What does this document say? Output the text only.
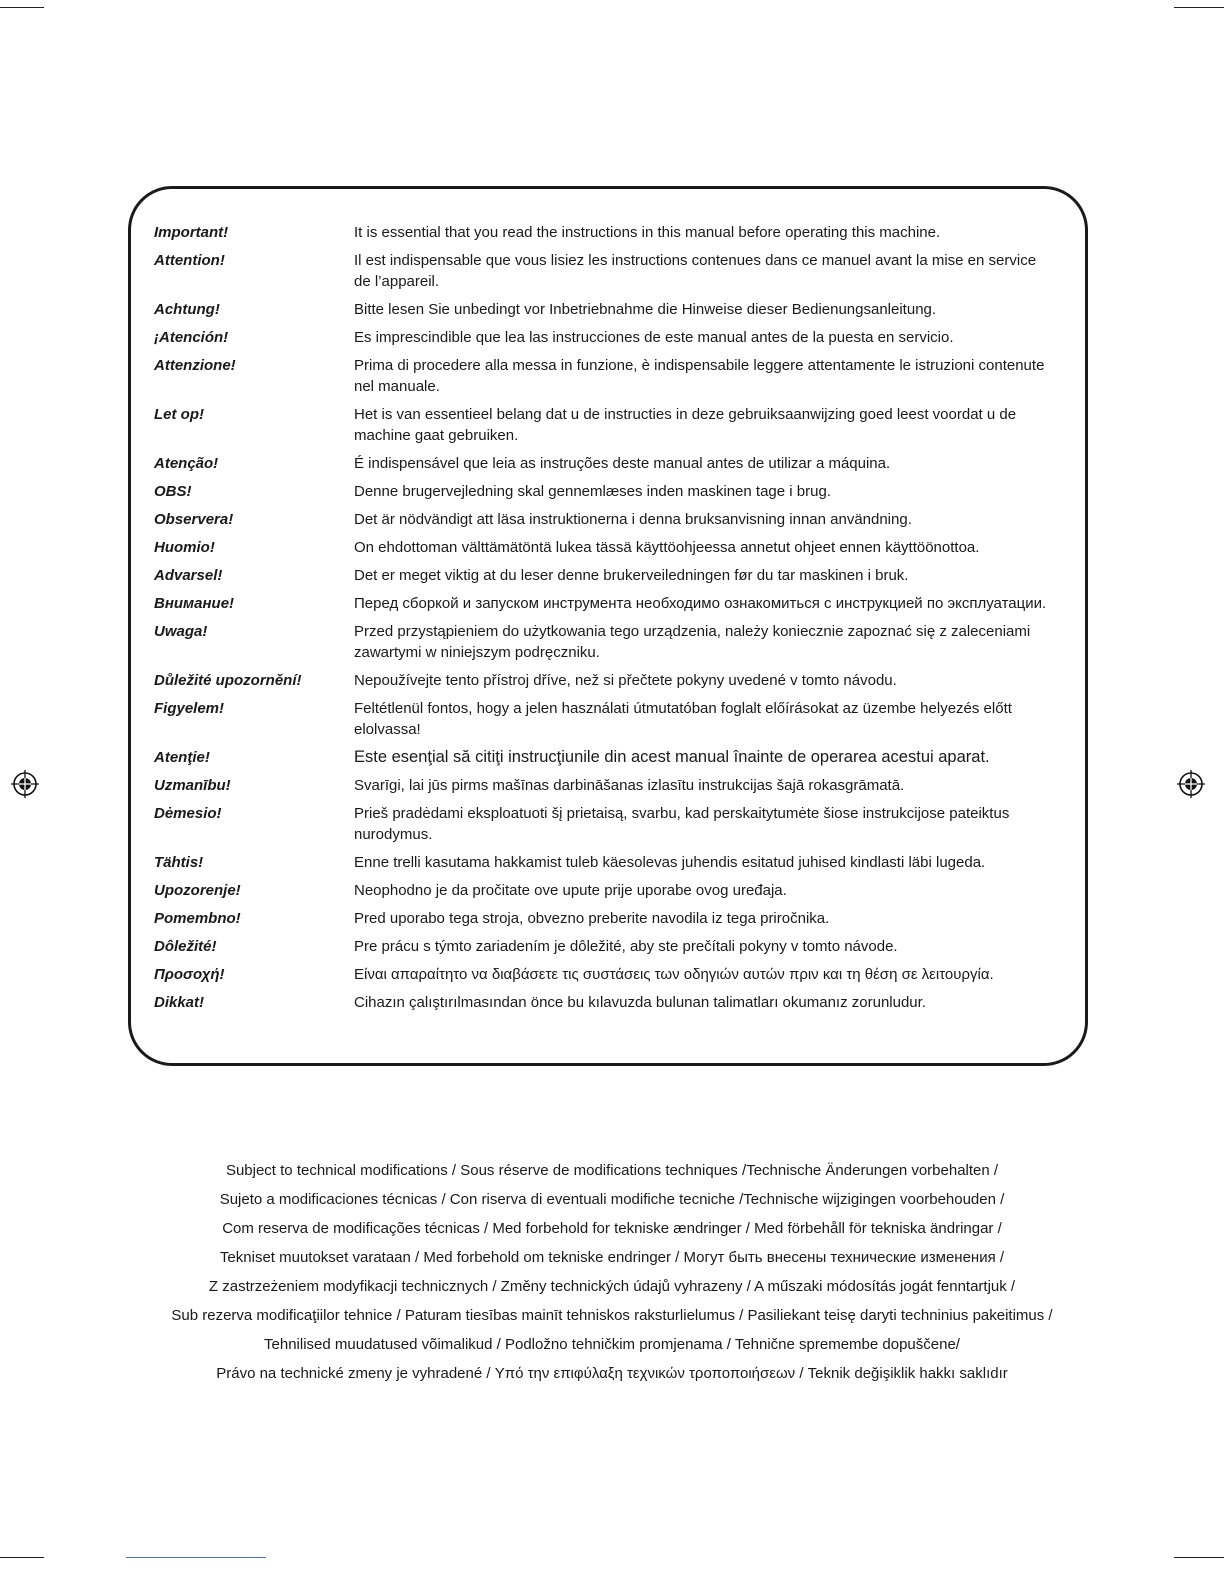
Important!	It is essential that you read the instructions in this manual before operating this machine.
Attention!	Il est indispensable que vous lisiez les instructions contenues dans ce manuel avant la mise en service
de l’appareil.
Achtung!	Bitte lesen Sie unbedingt vor Inbetriebnahme die Hinweise dieser Bedienungsanleitung.
¡Atención!	Es imprescindible que lea las instrucciones de este manual antes de la puesta en servicio.
Attenzione!	Prima di procedere alla messa in funzione, è indispensabile leggere attentamente le istruzioni contenute
nel manuale.
Let op!	Het is van essentieel belang dat u de instructies in deze gebruiksaanwijzing goed leest voordat u de
machine gaat gebruiken.
Atenção!	É indispensável que leia as instruções deste manual antes de utilizar a máquina.
OBS!	Denne brugervejledning skal gennemlæses inden maskinen tage i brug.
Observera!	Det är nödvändigt att läsa instruktionerna i denna bruksanvisning innan användning.
Huomio!	On ehdottoman välttämätöntä lukea tässä käyttöohjeessa annetut ohjeet ennen käyttöönottoa.
Advarsel!	Det er meget viktig at du leser denne brukerveiledningen før du tar maskinen i bruk.
Внимание!	Перед сборкой и запуском инструмента необходимо ознакомиться с инструкцией по эксплуатации.
Uwaga!	Przed przystąpieniem do użytkowania tego urządzenia, należy koniecznie zapoznać się z zaleceniami
zawartymi w niniejszym podręczniku.
Důležité upozornění!	Nepoužívejte tento přístroj dříve, než si přečtete pokyny uvedené v tomto návodu.
Figyelem!	Feltétlenül fontos, hogy a jelen használati útmutatóban foglalt előírásokat az üzembe helyezés előtt
elolvassa!
Atenţie!	Este esenţial să citiţi instrucţiunile din acest manual înainte de operarea acestui aparat.
Uzmanību!	Svarīgi, lai jūs pirms mašīnas darbināšanas izlasītu instrukcijas šajā rokasgrāmatā.
Dėmesio!	Prieš pradėdami eksploatuoti šį prietaisą, svarbu, kad perskaitytumėte šiose instrukcijose pateiktus
nurodymus.
Tähtis!	Enne trelli kasutama hakkamist tuleb käesolevas juhendis esitatud juhised kindlasti läbi lugeda.
Upozorenje!	Neophodno je da pročitate ove upute prije uporabe ovog uređaja.
Pomembno!	Pred uporabo tega stroja, obvezno preberite navodila iz tega priročnika.
Dôležité!	Pre prácu s týmto zariadením je dôležité, aby ste prečítali pokyny v tomto návode.
Προσοχή!	Είναι απαραίτητο να διαβάσετε τις συστάσεις των οδηγιών αυτών πριν και τη θέση σε λειτουργία.
Dikkat!	Cihazın çalıştırılmasından önce bu kılavuzda bulunan talimatları okumanız zorunludur.
Subject to technical modifications / Sous réserve de modifications techniques /Technische Änderungen vorbehalten /
Sujeto a modificaciones técnicas / Con riserva di eventuali modifiche tecniche /Technische wijzigingen voorbehouden /
Com reserva de modificações técnicas / Med forbehold for tekniske ændringer / Med förbehåll för tekniska ändringar /
Tekniset muutokset varataan / Med forbehold om tekniske endringer / Могут быть внесены технические изменения /
Z zastrzeżeniem modyfikacji technicznych / Změny technických údajů vyhrazeny / A műszaki módosítás jogát fenntartjuk /
Sub rezerva modificaţiilor tehnice / Paturam tiesības mainīt tehniskos raksturlielumus / Pasiliekant teisę daryti techninius pakeitimus /
Tehnilised muudatused võimalikud / Podložno tehničkim promjenama / Tehnične spremembe dopuščene/
Právo na technické zmeny je vyhradené / Υπό την επιφύλαξη τεχνικών τροποποιήσεων / Teknik değişiklik hakkı saklıdır
